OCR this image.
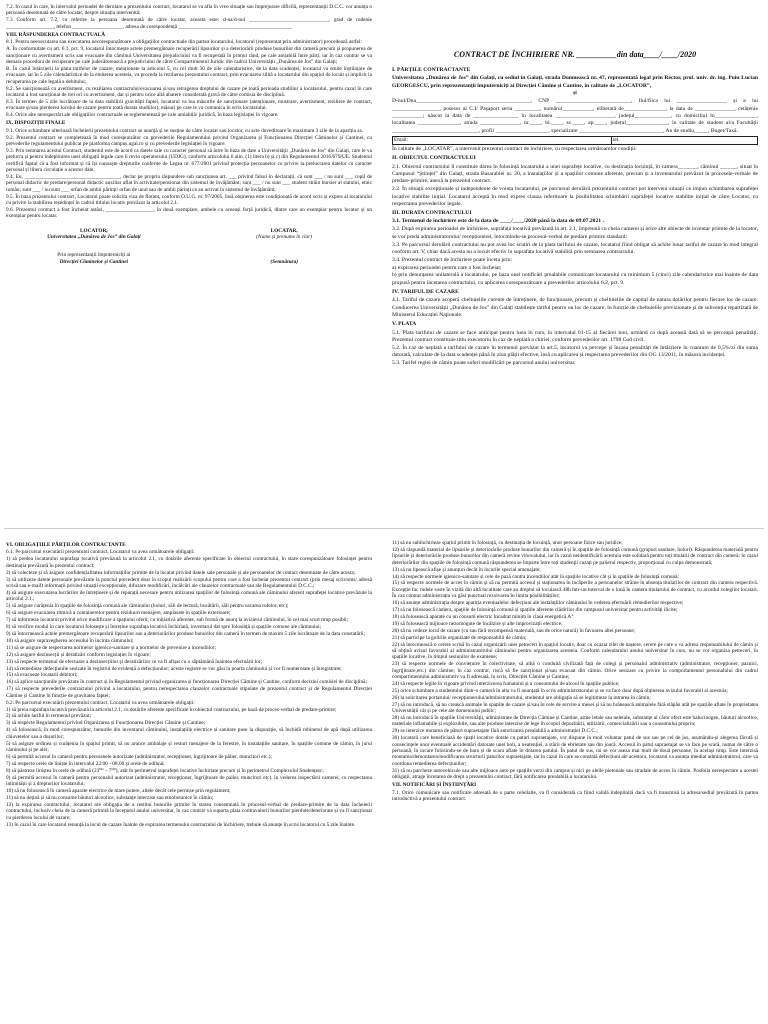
7.2. În cazul în care, în intervalul perioadei de derulare a prezentului contract, locatarul se va afla în vreo situație sau împrejurare dificilă, reprezentanții D.C.C. vor anunța o persoană desemnată de către locatar, despre situația intervenită;

7.3 Conform art. 7.2, cu referire la persoana desemnată de către locatar, aceasta este: d-na/d-nul ______________________________, grad de rudenie __________________, telefon ___________________, adresa de corespondență ___________________________________________

VIII. RĂSPUNDEREA CONTRACTUALĂ

8.1. Pentru neexecutarea sau executarea necorespunzătoare a obligațiilor contractuale din partea locatarului, locatorul (reprezentat prin administrator) procedează astfel:

A. În conformitate cu art. 6.1, pct. 9, locatarul întocmește actele premergătoare recuperării lipsurilor și a deteriorării produse bunurilor din cameră precum și propunerea de sancționare cu avertisment scris sau evacuare din căminul Universitatea prejudiciului va fi recuperată în primul rând, pe cale amiabilă între părți, iar în caz contrar se va demara procedura de recuperare pe cale judecătorească a prejudiciului de către Compartimentul Juridic din cadrul Universității „Dunărea de Jos” din Galați;

B. În cazul întârzierii la plata tarifelor de cazare, menționate la articolul 5, cu cel mult 30 de zile calendaristice, de la data scadenței, locatarul va emite înștiințare de evacuare, iar în 5 zile calendaristice de la emiterea acesteia, va proceda la rezilierea prezentului contract, prin evacuarea silită a locatarului din spațiul de locuit și implicit la recuperarea pe cale legală a debitului;

8.2. Se sancționează cu avertisment, cu reziliarea contractului/evacuarea și/sau retragerea dreptului de cazare pe toată perioada studiilor a locatarului, pentru cazul în care locatarul a fost sancționat de trei ori cu avertisment, dar și pentru orice altă abatere considerată gravă de către comisia de disciplină.

8.3. În termen de 5 zile lucrătoare de la data stabilirii gravității faptei, locatarul va lua măsurile de sancționare (atenționare, mustrare, avertisment, reziliere de contract, evacuare și/sau pierderea locului de cazare pentru toată durata studiilor), măsuri pe care le va comunica în scris locatarului.

8.4. Orice alte nerespectări ale obligațiilor contractuale se reglementează pe cale amiabilă/ juridică, în baza legislației în vigoare.

IX. DISPOZIȚII FINALE

9.1. Orice schimbare ulterioară încheierii prezentului contract se anunță și se susține de către locatar sau locator, cu acte doveditoare în maximum 3 zile de la apariția sa.

9.2. Prezentul contract se completează în mod corespunzător cu prevederile Regulamentului privind Organizarea și Funcționarea Direcției Căminelor și Cantinei, cu prevederile regulamentului publicat pe platforma campus.ugal.ro și cu prevederile legislației în vigoare.

9.3. Prin semnarea acestui Contract, studentul este de acord ca datele sale cu caracter personal să intre în baza de date a Universității „Dunărea de Jos” din Galați, care le va prelucra și pentru îndeplinirea unei obligații legale care îi revin operatorului (UDJG), conform articolului 6 alin. (1) litera b) și c) din Regulamentul 2016/679/UE. Studentul certifică faptul că a fost informat și că își cunoaște drepturile conferite de Legea nr. 677/2001 privind protecția persoanelor cu privire la prelucrarea datelor cu caracter personal și libera circulație a acestor date.

9.4. Eu, ____________________________________, declar pe propria răspundere sub sancțiunea art. ___ privind falsul în declarații, că sunt ___ / nu sunt ___ copil de personal didactic de predare/personal didactic auxiliar aflat în activitate/pensionat din sistemul de învățământ; sunt ___ / nu sunt ___ student străin bursier al statului, etnic român; sunt ___ / nu sunt ___ orfan de ambii părinți/ orfan de unul sau de ambii părinți ce au activat în sistemul de învățământ;

9.5. În baza prezentului contract, Locatarul poate solicita viza de flotant, conform O.U.G. nr. 97/2005, însă obținerea este condiționată de acord scris și expres al locatarului cu privire la stabilirea reședinței în cadrul titlului locativ prevăzut la articolul 2.1.

9.6. Prezentul contract a fost încheiat astăzi, __________________, în două exemplare, ambele cu aceeași forță juridică, dintre care un exemplar pentru locator și un exemplar pentru locatar.

LOCATOR,	LOCATAR,
Universitatea „Dunărea de Jos” din Galați	(Nume și prenume în clar)

Prin reprezentanții împuterniciți ai

Direcției Căminelor și Cantinei	(Semnătura)
CONTRACT DE ÎNCHIRIERE NR. __________din data____/____/2020

I. PĂRȚILE CONTRACTANTE

Universitatea „Dunărea de Jos” din Galați, cu sediul în Galați, strada Domnească nr. 47, reprezentată legal prin Rector, prof. univ. dr. ing. Puiu Lucian GEORGESCU, prin reprezentanții împuterniciți ai Direcției Cămine și Cantine, în calitate de „LOCATOR”,

și

D-nul/Dna_________________________________________, CNP ___________________________, fiul/fiica lui __________________ și a lui _________________, posesor al C.I/ Pașaport seria _________, numărul___________, eliberată de_______________, la data de ______________, cetățenie ___________; născut la data de ________________ în localitatea _____________________, județul_____________, cu domiciliul în_______________, localitatea _______________, strada ______________, nr.____, bl.____, sc.____, ap.____, județul_______________, în calitate de student al/a Facultății _______________________________, profil ___________________, specializare ______________________________, An de studiu_____, Buget/Taxă.

Email:	tel.

În calitate de „LOCATAR”, a intervenit prezentul contract de închiriere, cu respectarea următoarelor condiții:

II. OBIECTUL CONTRACTULUI

2.1. Obiectul contractului îl constituie darea în folosință locatarului a unei suprafețe locative, cu destinația locuință, în camera_______, căminul ______, situat în Campusul “Științei” din Galați, strada Basarabiei nr. 20, a instalațiilor și a spațiilor comune aferente, precum și a inventarului prevăzut în procesele-verbale de predare-primire, anexă la prezentul contract.

2.2. În situații excepționale și independente de voința locatarului, pe parcursul derulării prezentului contract pot interveni situații ce impun schimbarea suprafeței locative stabilite inițial. Locatarul acceptă în mod expres clauza referitoare la posibilitatea schimbării suprafeței locative stabilite inițial de către Locator, cu respectarea prevederilor legale.

III. DURATA CONTRACTULUI

3.1. Termenul de închiriere este de la data de ____/____/2020 până la data de 09.07.2021 .

3.2. După expirarea perioadei de închiriere, suprafața locativă prevăzută la art. 2.1, împreună cu cheia camerei și orice alte obiecte de inventar primite de la locator, se vor preda administratorului/ recepționerei, întocmindu-se procesul-verbal de predare primire standard;

3.3. Pe parcursul derulării contractului nu pot avea loc scutiri de la plata tarifului de cazare, locatarul fiind obligat să achite lunar tariful de cazare în mod integral conform art. V, chiar dacă acesta nu a locuit efectiv în suprafața locativă stabilită prin semnarea contractului.

3.4. Prezentul contract de închiriere poate înceta prin:

a) expirarea perioadei pentru care a fost încheiat;

b) prin denunțarea unilaterală a locatarului, pe baza unei notificări prealabile comunicate locatarului cu minimum 5 (cinci) zile calendaristice mai înainte de data propusă pentru încetarea contractului, cu aplicarea corespunzătoare a prevederilor articolului 6.2, pct. 9.

IV. TARIFUL DE CAZARE

4.1. Tariful de cazare acoperă cheltuielile curente de întreținere, de funcționare, precum și cheltuielile de capital de natura dotărilor pentru fiecare loc de cazare. Conducerea Universității „Dunărea de Jos” din Galați stabilește tariful pentru un loc de cazare, în funcție de cheltuielile previzionate și de subvenția repartizată de Ministerul Educației Naționale.

V. PLATA

5.1. Plata tarifului de cazare se face anticipat pentru luna în curs, în intervalul 01-15 al fiecărei luni, urmând ca după această dată să se perceapă penalități. Prezentul contract constituie titlu executoriu în caz de neplată a chiriei, conform prevederilor art. 1798 Cod civil.

5.2. În caz de neplată a tarifului de cazare în termenul prevăzut la art.5, locatorul va percepe și încasa penalități de întârziere în cuantum de 0,5%/zi din suma datorată, calculate de la data scadenței până în ziua plății efective, însă cu aplicarea și respectarea prevederilor din OG 13/2011, în măsura incidenței.

5.3. Tarifel regiei de cămin poate suferi modificări pe parcursul anului universitar.

VI. OBLIGAȚIILE PĂRȚILOR CONTRACTANTE

6.1. Pe parcursul executării prezentului contract, Locatarul va avea următoarele obligații:

1) să predea locatarului suprafața locativă prevăzută la articolul 2.1, cu dotările aferente specificate în obiectul contractului, în stare corespunzătoare folosinței pentru destinația prevăzută în prezentul contract;

2) să colecteze și să asigure confidențialitatea informațiilor primite de la locatar privind datele sale personale și ale persoanelor de contact desemnate de către acesta;

3) să utilizeze datele personale prevăzute la punctul precedent doar în scopul realizării scopului pentru care a fost încheiat prezentul contract (prin mesaj scris/sms/ adresă scrisă sau e-mail) informații privind situații excepționale, difuzare modificări, încălcări ale clauzelor contractuale sau ale Regulamentului D.C.C.;

4) să asigure executarea lucrărilor de întreținere și de reparații necesare pentru utilizarea spațiilor de folosință comună ale căminului aferent suprafeței locative prevăzute la articolul 2.1.;

5) să asigure curățenia în spațiile de folosință comună ale căminului (holuri, săli de lectură, bucătării, săli pentru uscarea rufelor, etc);

6) să asigure evacuarea ritmică a containerelor pentru reziduuri menajere, amplasate în spațiile exterioare;

7) să informeze locatarul privind orice modificare a spațiului oferit, cu inițiativă aferente, sub formă de anunț la avizierul căminului, în cel mai scurt timp posibil;

8) să verifice modul în care locatarul folosește și întreține suprafața locativă închiriată, inventarul dat spre folosință și spațiile comune ale căminului;

9) să întocmească actele premergătoare recuperării lipsurilor sau a deteriorărilor produse bunurilor din cameră în termen de maxim 5 zile lucrătoare de la data constatării;

10) să asigure supravegherea accesului în incinta căminului;

11) să se asigure de respectarea normelor igienico-sanitare și a normelor de prevenire a incendiilor;

12) să asigure dezinsecții și deratizări conform legislației în vigoare;

13) să respecte termenul de efectuare a dezinsecțiilor și deratizărilor ce va fi afișat cu o săptămână înaintea efectuării lor;

14) să remedieze defecțiunile sesizate în registrul de evidență a defecțiunilor; aceste registre se vor găsi la poarta căminului și vor fi numerotate și înregistrate;

15) să evacueze locatarii debitori;

16) să aplice sancțiunile prevăzute în contract și în Regulamentul privind organizarea și funcționarea Direcției Cămine și Cantine, conform deciziei comisiei de disciplină;

17) să respecte prevederile contractului privind a locatarului, pentru nerespectarea clauzelor contractuale stipulate de prezentul contract și de Regulamentul Direcției Cămine și Cantine în funcție de gravitatea faptei;

6.2. Pe parcursul executării prezentului contract, Locatarul va avea următoarele obligații:

1) să preia suprafața locativă prevăzută la articolul 2.1, cu dotările aferente specificate în obiectul contractului, pe bază de proces-verbal de predare-primire;

2) să achite tariful în termenul prevăzut;

3) să respecte Regulamentul privind Organizarea și Funcționarea Direcției Cămine și Cantine;

4) să folosească, în mod corespunzător, bunurile din inventarul căminului, instalațiile electrice și sanitare puse la dispoziție, să închidă robinetul de apă după utilizarea chiuvetelor sau a dușurilor;

5) să asigure ordinea și curățenia în spațiul primit, să nu arunce ambalaje și resturi menajere de la ferestre, în instalațiile sanitare, în spațiile comune de cămin, în jurul căminului și pe alei;

6) să permită accesul în cameră pentru persoanele autorizate (administrator, recepționer, îngrijitoare de pălier, muncitori etc.);

7) să respecte orele de liniște în intervalul 22:00 - 08:00 și orele de odihnă;

8) să păstreze liniștea în orele de odihnă (23⁰⁰ – 7⁰⁰), atât în perimetrul suprafeței locative închiriate precum și în perimetrul Complexului Studențesc;

9) să permită accesul în cameră pentru personalul autorizat (administrator, recepționer, îngrijitoare de palier, muncitori etc), în vederea inspectării camerei, cu respectarea intimității și a drepturilor locatarului;

10) să nu folosească în cameră aparate electrice de mare putere, altele decât cele permise prin regulament;

11) să nu dețină și să nu consume băuturi alcoolice, substanțe interzise sau etnobotanice în cămin;

12) la expirarea contractului, locatarul are obligația de a restitui bunurile primite în starea consemnată în procesul-verbal de predare-primire de la data încheierii contractului, inclusiv cheia de la cameră primită la începutul anului universitar, în caz contrar va suporta plata contravalorii bunurilor pierdute/deteriorate și va fi sancționat cu pierderea locului de cazare;

13) în cazul în care locatarul renunță la locul de cazare înainte de expirarea termenului contractului de închiriere, trebuie să anunțe în scris locatorul cu 5 zile înainte.

11) să nu subînchirieze spațiul primit în folosință, cu destinația de locuință, unor persoane fizice sau juridice;

12) să răspundă material de lipsurile și deteriorările produse bunurilor din cameră și în spațiile de folosință comună (grupuri sanitare, holuri). Răspunderea materială pentru lipsurile și deteriorările produse bunurilor din cameră revine vinovatului, iar în cazul neidentificării acestuia este solidară pentru toți titularii de contract din cameră; în cazul deteriorărilor din spațiile de folosință comună răspunderea se împarte între toți studenții cazați pe palierul respectiv, proporțional cu culpa demonstrată;

13) să nu lipească afișe și anunțuri decât în locurile special amenajate;

14) să respecte normele igienico-sanitare și cele de pază contra incendiilor atât în spațiile locative cât și în spațiile de folosință comună;

15) să respecte normele de acces în cămin și să nu permită accesul și staționarea în încăperile a persoanelor străine în absența titularilor de contract din camera respectivă. Excepție fac rudele soste în vizită din altă localitate care au dreptul să locuiască 48h într-un interval de o lună în camera titularului de contract, cu acordul colegilor locatari. În caz contrar administrația va găsi punctual rezolvarea în limita posibilităților;

16) să anunțe administrația despre apariția eventualelor defecțiuni ale instalațiilor căminului în vederea efectuării remedierilor respective;

17) să nu folosească camera, spațiile de folosință comună și spațiile aferente clădirilor din campusul universitar pentru activități ilicite;

18) să folosească aparate cu un consum electric încadrat minim în clasa energetică A⁺

19) să folosească mijloace nezomogute de încălzire și alte improvizații electrice;

20) să nu cedeze locul de cazare (cu sau fără recompensă materială, sau de orice natură) în favoarea altei persoane;

21) să participe la golirile organizate de responsabilii de cămin;

22) să întocmească o cerere scrisă în cazul organizării unei petreceri în spațiul locativ, doar cu ocazia zilei de naștere, cerere pe care o va adresa responsabilului de cămin și să obțină avizul favorabil al administratorului căminului pentru organizarea acesteia. Conform calendarului anului universitar în curs, nu se vor organiza petreceri, în spațiile locative, în timpul sesiunilor de examene;

23) să respecte normele de conviețuire în colectivitate, să aibă o conduită civilizată față de colegi și personalul administrativ (administrator, recepționer, paznici, îngrijitoare,etc.) din cămine; în caz contrar, riscă să fie sancționat și/sau evacuat din cămin. Orice sesizare cu privire la comportamentul personalului din cadrul compartimentului administrativ va fi adresată, în scris, Direcției Cămine și Cantine;

24) să respecte legile în vigoare privind interzicerea fumatului și a consumului de alcool în spațiile publice;

25) orice schimbare a studentului dintr-o cameră în alta va fi anunțată în scris administratorului și se va face doar după obținerea avizului favorabil al acestuia;

26) la solicitarea portarului/ recepționerului/administratorului, studentul are obligația să se legitimeze la intrarea în cămin;

27) să nu introducă, să nu crească animale în spațiile de cazare și/sau în cele de servire a mesei și să nu hrănească animalele fără stăpân atât pe spațiile aflate în proprietatea Universității cât și pe cele ale domeniului public;

28) să nu introducă în spațiile Universității, administrate de Direcția Cămine și Cantine, arme letale sau neletale, substanțe al căror efect este halucinogen, băuturi alcoolice, materiale inflamabile și explozibile, sau alte produse interzise de lege în scopul depozitării, utilizării, comercializării sau a consumului propriu;

29) se interzice mutarea de pături supraetajate fără autorizarea prealabilă a administrației D.C.C.;

30) locatarii care beneficiază de spații locative dotate cu paturi supraetajate, vor dispune în mod voluntar patul de sus sau pe cel de jos, asumându-și alegerea făcută și consecințele unor eventuale accidentări datorate unei boli, a neatenției, a stării de ebrietate sau din joacă. Accesul în patul supraetajat se va face pe scară, numai de către o persoană, în urcare folosindu-se de bara și de scara aflate în dotarea patului. În patul de sus, nu se vor aseza mai mult de două persoane, în același timp. Este interzisă montarea/demontarea/modificarea structurii paturilor supraetajate, iar în cazul în care se constată defecțiuni ale acestora, locatarul va anunța imediat administratorul, care va coordona remedierea defecțiunilor;

31) să nu parcheze autovehicule sau alte mijloace auto pe spațiile verzi din campus și nici pe aleile pietonale sau stradale de acces în cămin. Posibila nerespectare a acestei obligații, atrage încetarea de drept a prezentului contract, fără notificarea prealabilă a locatarului.

VII. NOTIFICĂRI ȘI ÎNȘTIINȚĂRI

7.1. Orice comunicare sau notificare adresată de o parte celeilalte, va fi considerată ca fiind validă îndeplinită dacă va fi transmisă la adresa/sediul prevăzută în partea introductivă a prezentului contract.
